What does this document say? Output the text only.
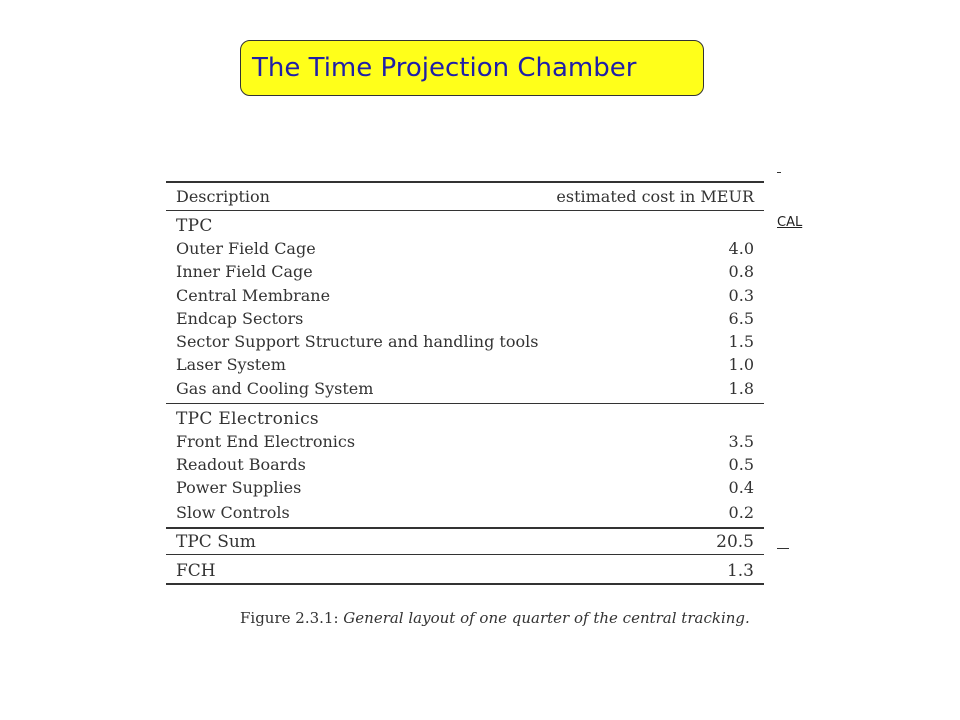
The Time Projection Chamber
Description	estimated cost in MEUR
TPC
Outer Field Cage	4.0
Inner Field Cage	0.8
Central Membrane	0.3
Endcap Sectors	6.5
Sector Support Structure and handling tools	1.5
Laser System	1.0
Gas and Cooling System	1.8
TPC Electronics
Front End Electronics	3.5
Readout Boards	0.5
Power Supplies	0.4
Slow Controls	0.2
TPC Sum	20.5
FCH	1.3
CAL
Figure 2.3.1: General layout of one quarter of the central tracking.
